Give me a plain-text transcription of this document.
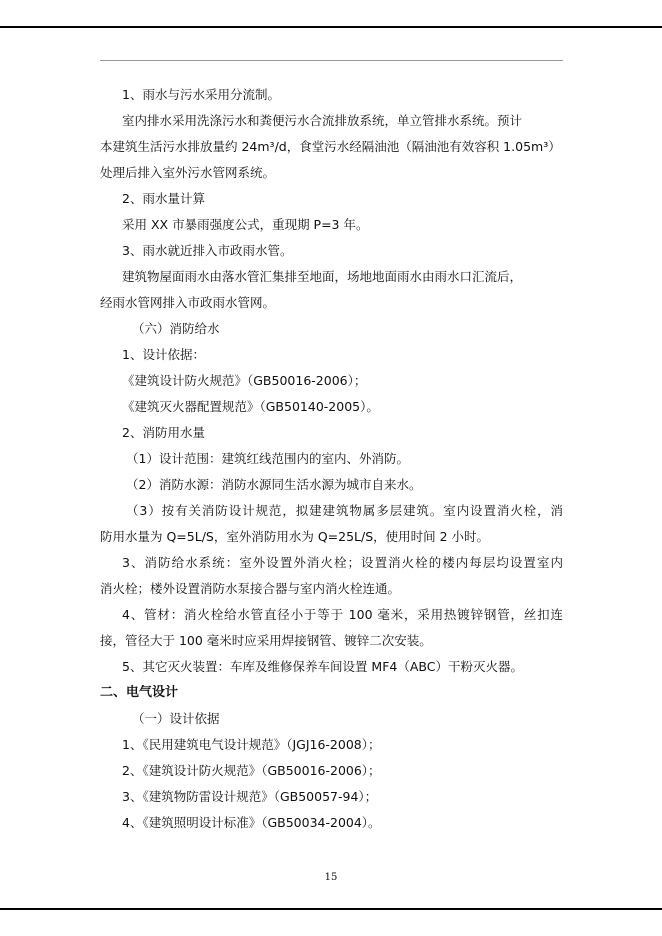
1、雨水与污水采用分流制。
室内排水采用洗涤污水和粪便污水合流排放系统，单立管排水系统。预计
本建筑生活污水排放量约 24m³/d，食堂污水经隔油池（隔油池有效容积 1.05m³）
处理后排入室外污水管网系统。
2、雨水量计算
采用 XX 市暴雨强度公式，重现期 P=3 年。
3、雨水就近排入市政雨水管。
建筑物屋面雨水由落水管汇集排至地面，场地地面雨水由雨水口汇流后，
经雨水管网排入市政雨水管网。
（六）消防给水
1、设计依据：
《建筑设计防火规范》（GB50016-2006）；
《建筑灭火器配置规范》（GB50140-2005）。
2、消防用水量
（1）设计范围：建筑红线范围内的室内、外消防。
（2）消防水源：消防水源同生活水源为城市自来水。
（3）按有关消防设计规范，拟建建筑物属多层建筑。室内设置消火栓，消
防用水量为 Q=5L/S，室外消防用水为 Q=25L/S，使用时间 2 小时。
3、消防给水系统：室外设置外消火栓；设置消火栓的楼内每层均设置室内
消火栓；楼外设置消防水泵接合器与室内消火栓连通。
4、管材：消火栓给水管直径小于等于 100 毫米，采用热镀锌钢管，丝扣连
接，管径大于 100 毫米时应采用焊接钢管、镀锌二次安装。
5、其它灭火装置：车库及维修保养车间设置 MF4（ABC）干粉灭火器。
二、电气设计
（一）设计依据
1、《民用建筑电气设计规范》（JGJ16-2008）；
2、《建筑设计防火规范》（GB50016-2006）；
3、《建筑物防雷设计规范》（GB50057-94）；
4、《建筑照明设计标准》（GB50034-2004）。
15
